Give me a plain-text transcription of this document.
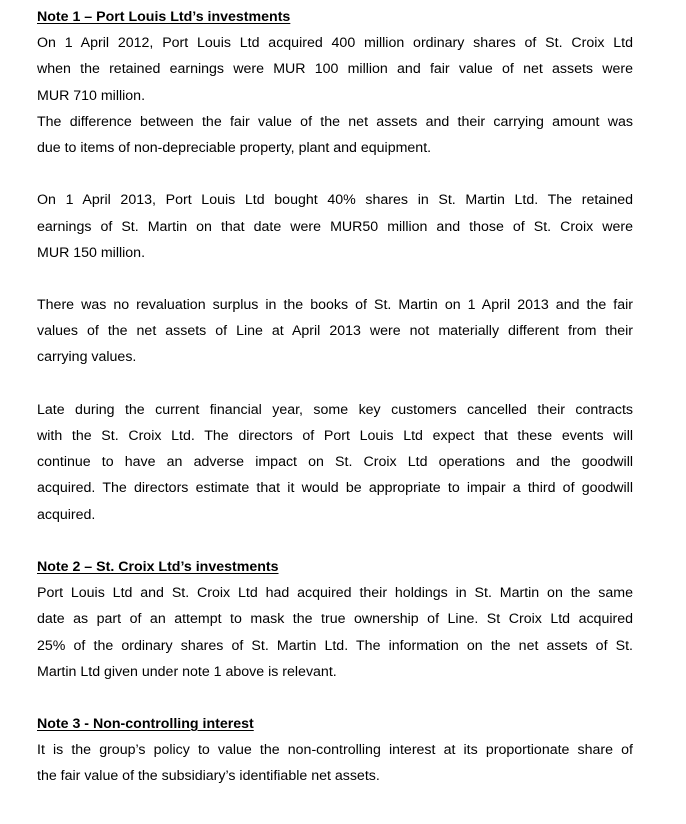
Note 1 – Port Louis Ltd’s investments
On 1 April 2012, Port Louis Ltd acquired 400 million ordinary shares of St. Croix Ltd
when the retained earnings were MUR 100 million and fair value of net assets were
MUR 710 million.
The difference between the fair value of the net assets and their carrying amount was
due to items of non-depreciable property, plant and equipment.
On 1 April 2013, Port Louis Ltd bought 40% shares in St. Martin Ltd. The retained
earnings of St. Martin on that date were MUR50 million and those of St. Croix were
MUR 150 million.
There was no revaluation surplus in the books of St. Martin on 1 April 2013 and the fair
values of the net assets of Line at April 2013 were not materially different from their
carrying values.
Late during the current financial year, some key customers cancelled their contracts
with the St. Croix Ltd. The directors of Port Louis Ltd expect that these events will
continue to have an adverse impact on St. Croix Ltd operations and the goodwill
acquired. The directors estimate that it would be appropriate to impair a third of goodwill
acquired.
Note 2 – St. Croix Ltd’s investments
Port Louis Ltd and St. Croix Ltd had acquired their holdings in St. Martin on the same
date as part of an attempt to mask the true ownership of Line. St Croix Ltd acquired
25% of the ordinary shares of St. Martin Ltd. The information on the net assets of St.
Martin Ltd given under note 1 above is relevant.
Note 3 - Non-controlling interest
It is the group’s policy to value the non-controlling interest at its proportionate share of
the fair value of the subsidiary’s identifiable net assets.
